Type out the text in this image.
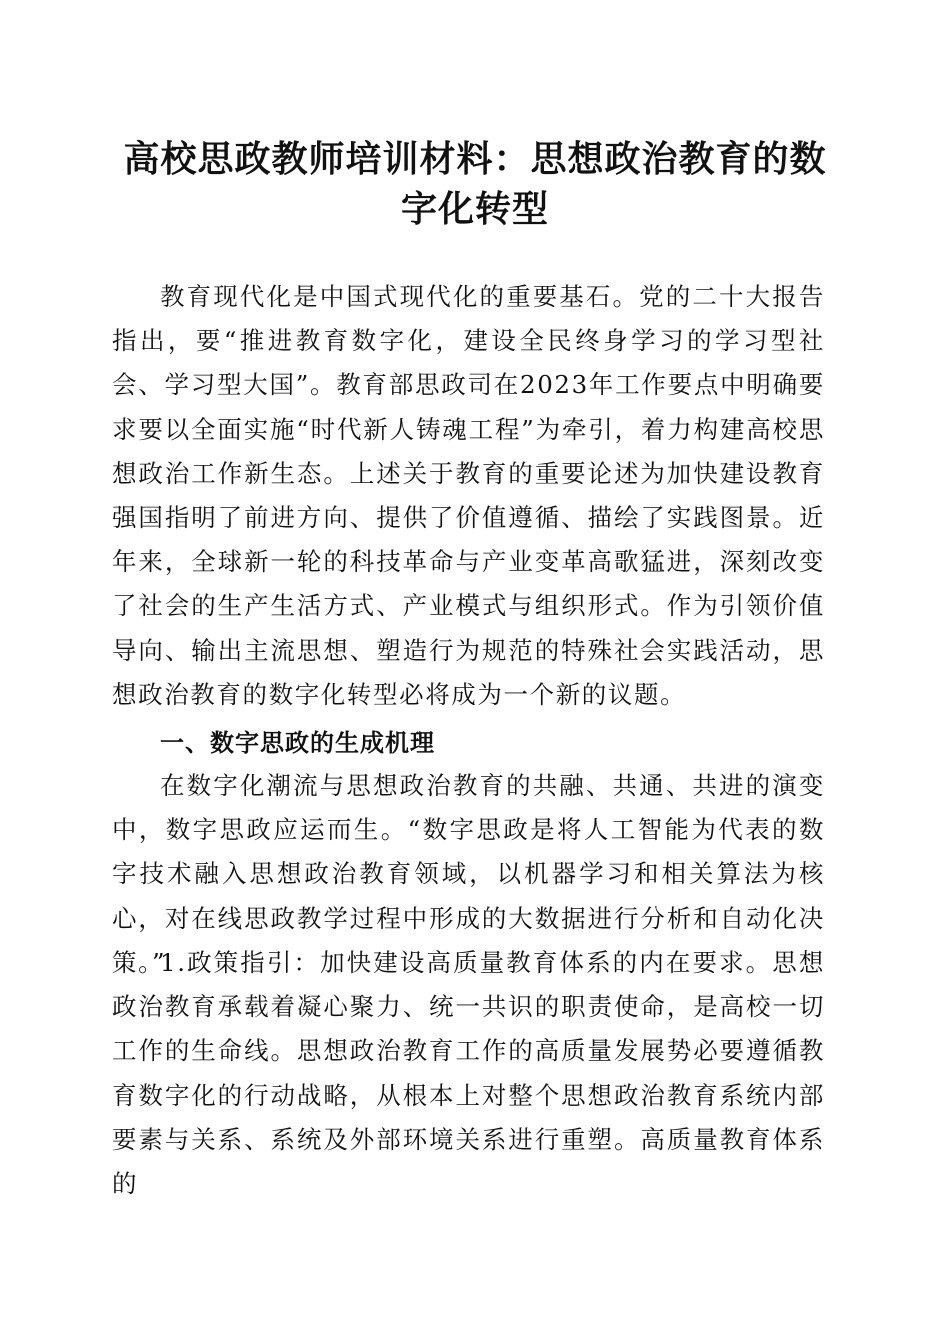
高校思政教师培训材料：思想政治教育的数字化转型

教育现代化是中国式现代化的重要基石。党的二十大报告指出，要“推进教育数字化，建设全民终身学习的学习型社会、学习型大国”。教育部思政司在2023年工作要点中明确要求要以全面实施“时代新人铸魂工程”为牵引，着力构建高校思想政治工作新生态。上述关于教育的重要论述为加快建设教育强国指明了前进方向、提供了价值遵循、描绘了实践图景。近年来，全球新一轮的科技革命与产业变革高歌猛进，深刻改变了社会的生产生活方式、产业模式与组织形式。作为引领价值导向、输出主流思想、塑造行为规范的特殊社会实践活动，思想政治教育的数字化转型必将成为一个新的议题。

一、数字思政的生成机理

在数字化潮流与思想政治教育的共融、共通、共进的演变中，数字思政应运而生。“数字思政是将人工智能为代表的数字技术融入思想政治教育领域，以机器学习和相关算法为核心，对在线思政教学过程中形成的大数据进行分析和自动化决策。”

1.政策指引：加快建设高质量教育体系的内在要求。思想政治教育承载着凝心聚力、统一共识的职责使命，是高校一切工作的生命线。思想政治教育工作的高质量发展势必要遵循教育数字化的行动战略，从根本上对整个思想政治教育系统内部要素与关系、系统及外部环境关系进行重塑。高质量教育体系的
